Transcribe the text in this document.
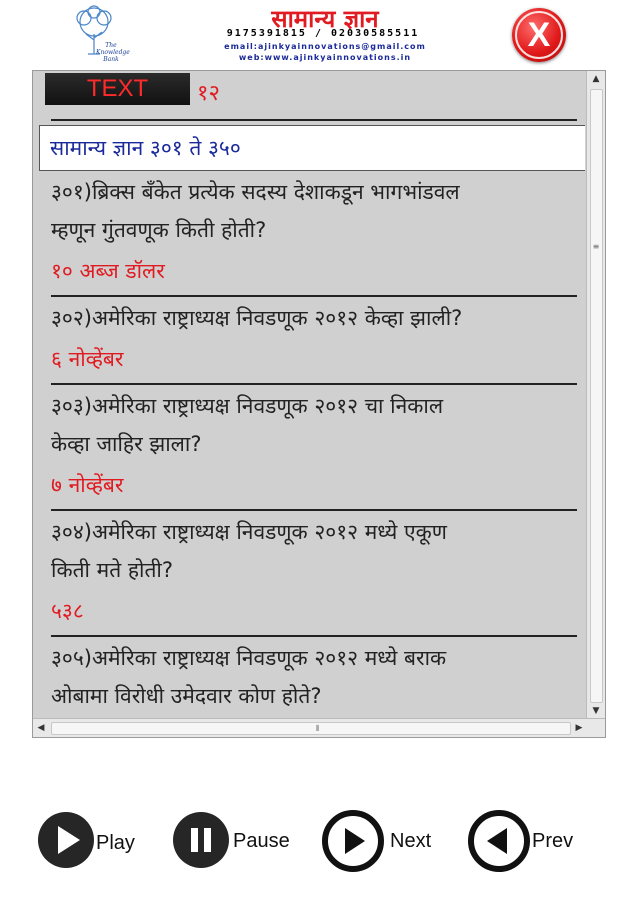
The Knowledge Bank
सामान्य ज्ञान
9175391815 / 02030585511
email:ajinkyainnovations@gmail.com
web:www.ajinkyainnovations.in
X
TEXT	१२
सामान्य ज्ञान ३०१ ते ३५०
३०१)ब्रिक्स बँकेत प्रत्येक सदस्य देशाकडून भागभांडवल
म्हणून गुंतवणूक किती होती?
१० अब्ज डॉलर
३०२)अमेरिका राष्ट्राध्यक्ष निवडणूक २०१२ केव्हा झाली?
६ नोव्हेंबर
३०३)अमेरिका राष्ट्राध्यक्ष निवडणूक २०१२ चा निकाल
केव्हा जाहिर झाला?
७ नोव्हेंबर
३०४)अमेरिका राष्ट्राध्यक्ष निवडणूक २०१२ मध्ये एकूण
किती मते होती?
५३८
३०५)अमेरिका राष्ट्राध्यक्ष निवडणूक २०१२ मध्ये बराक
ओबामा विरोधी उमेदवार कोण होते?
▲
≡
▼
◀	⦀	▶
Play	Pause	Next	Prev
